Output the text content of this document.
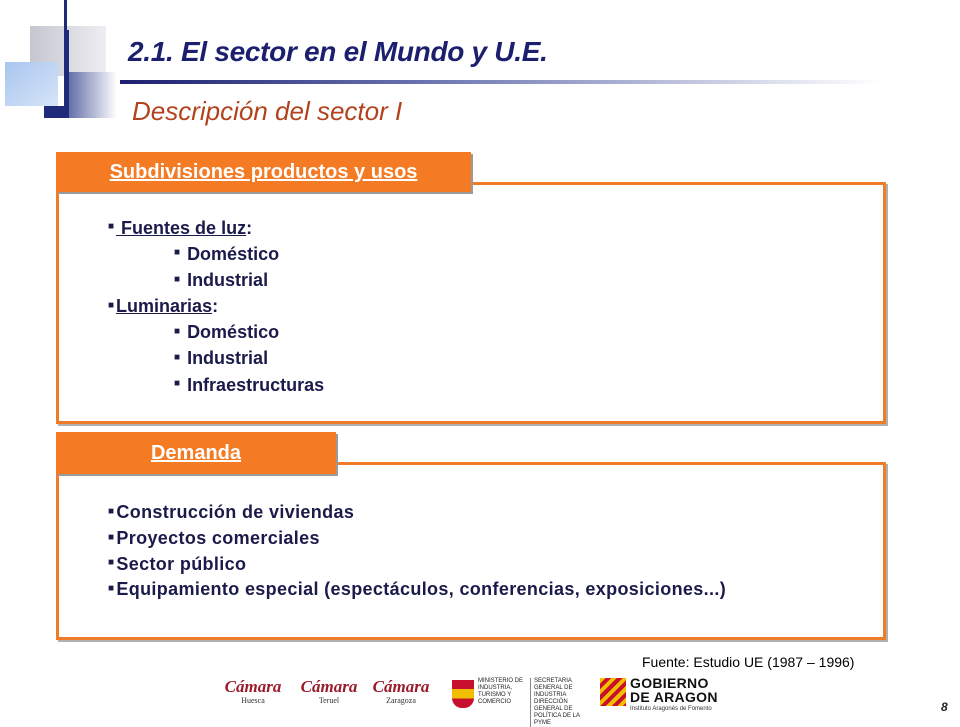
2.1. El sector en el Mundo y U.E.
Descripción del sector I
Subdivisiones productos y usos
■ Fuentes de luz:
■ Doméstico
■ Industrial
■ Luminarias:
■ Doméstico
■ Industrial
■ Infraestructuras
Demanda
■ Construcción de viviendas
■ Proyectos comerciales
■ Sector público
■ Equipamiento especial (espectáculos, conferencias, exposiciones...)
Fuente: Estudio UE (1987 – 1996)
Cámara
Huesca
Cámara
Teruel
Cámara
Zaragoza
MINISTERIO DE INDUSTRIA, TURISMO Y COMERCIO
SECRETARIA GENERAL DE INDUSTRIA DIRECCIÓN GENERAL DE POLÍTICA DE LA PYME
GOBIERNO
DE ARAGON
Instituto Aragonés de Fomento	8
